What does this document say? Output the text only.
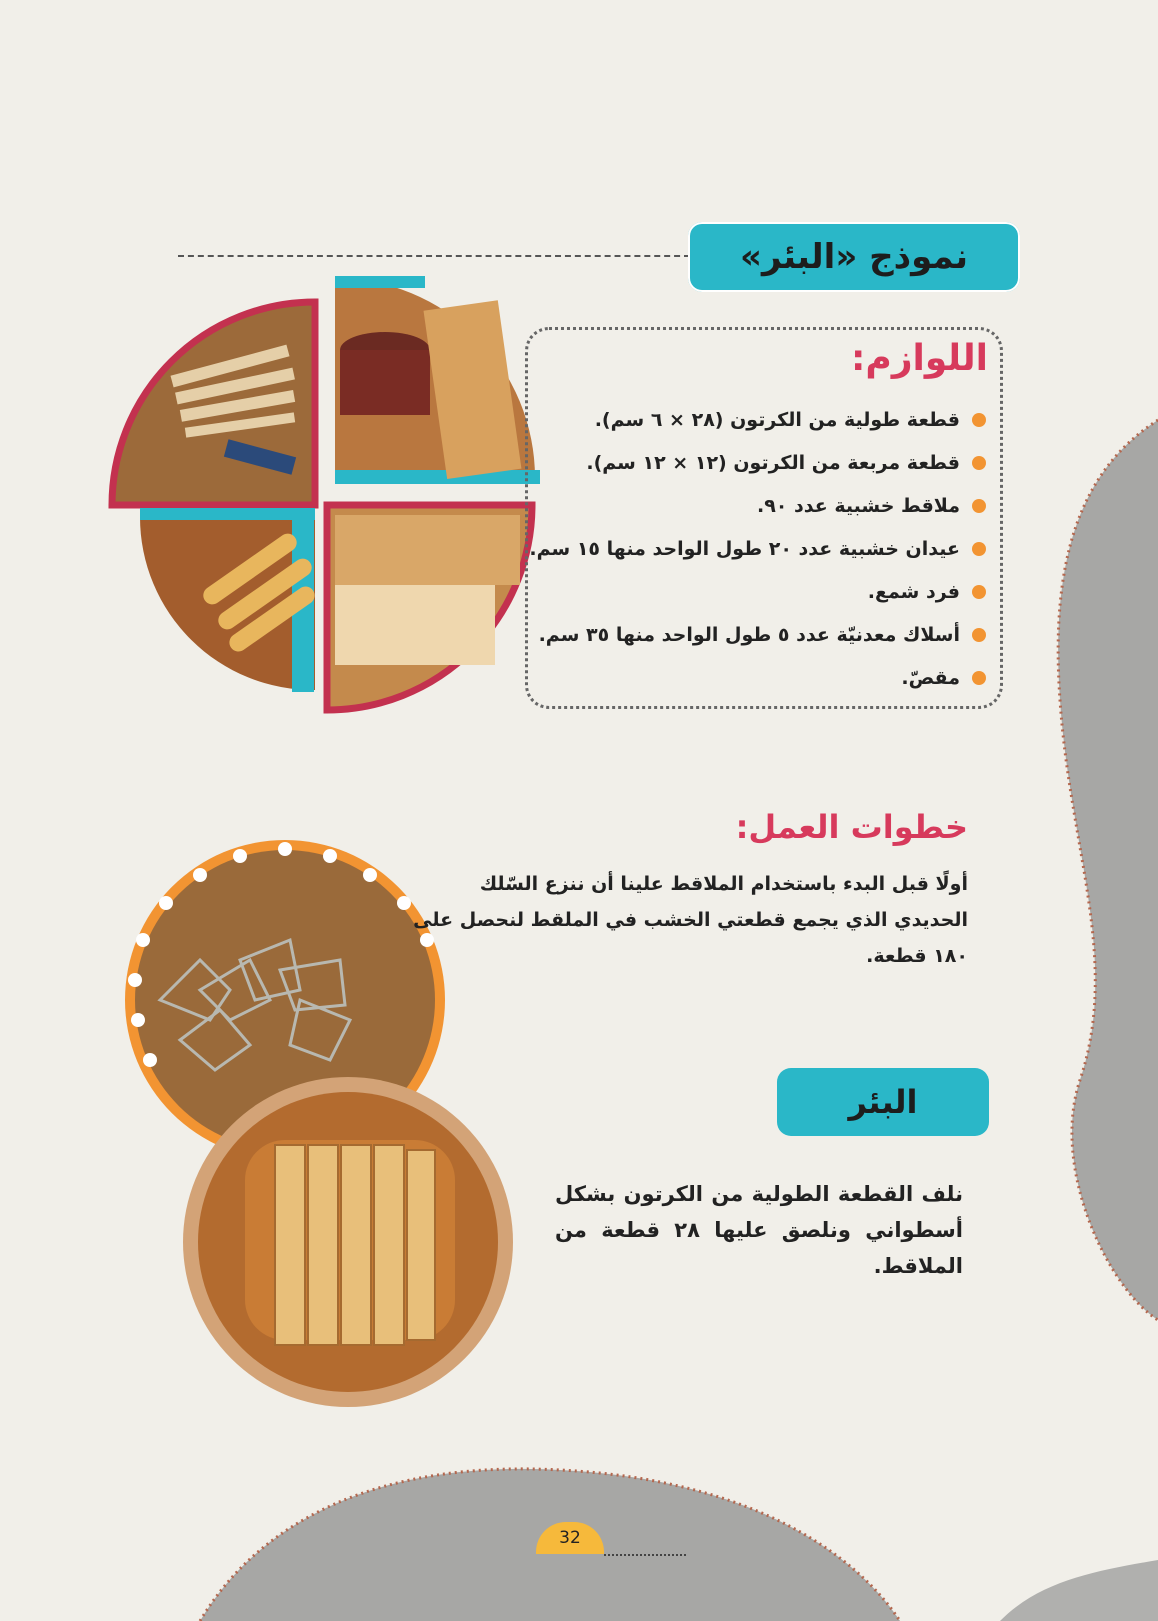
نموذج «البئر»
اللوازم:
قطعة طولية من الكرتون (٢٨ × ٦ سم).
قطعة مربعة من الكرتون (١٢ × ١٢ سم).
ملاقط خشبية عدد ٩٠.
عيدان خشبية عدد ٢٠ طول الواحد منها ١٥ سم.
فرد شمع.
أسلاك معدنيّة عدد ٥ طول الواحد منها ٣٥ سم.
مقصّ.
خطوات العمل:
أولًا قبل البدء باستخدام الملاقط علينا أن ننزع السّلك الحديدي الذي يجمع قطعتي الخشب في الملقط لنحصل على ١٨٠ قطعة.
البئر
نلف القطعة الطولية من الكرتون بشكل أسطواني ونلصق عليها ٢٨ قطعة من الملاقط.
32
